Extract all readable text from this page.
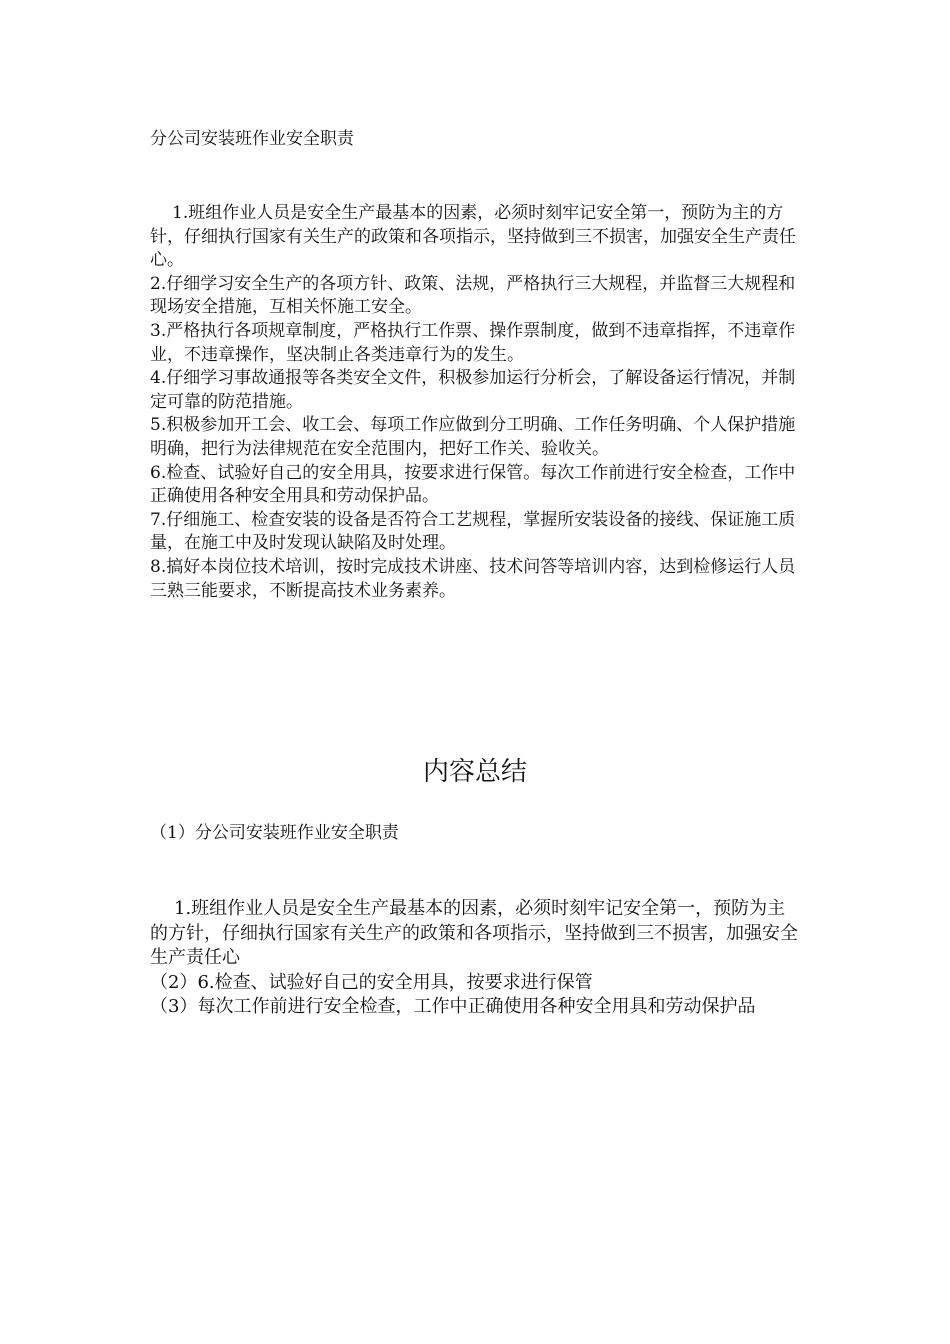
分公司安装班作业安全职责

1.班组作业人员是安全生产最基本的因素，必须时刻牢记安全第一，预防为主的方针，仔细执行国家有关生产的政策和各项指示，坚持做到三不损害，加强安全生产责任心。

2.仔细学习安全生产的各项方针、政策、法规，严格执行三大规程，并监督三大规程和现场安全措施，互相关怀施工安全。

3.严格执行各项规章制度，严格执行工作票、操作票制度，做到不违章指挥，不违章作业，不违章操作，坚决制止各类违章行为的发生。

4.仔细学习事故通报等各类安全文件，积极参加运行分析会，了解设备运行情况，并制定可靠的防范措施。

5.积极参加开工会、收工会、每项工作应做到分工明确、工作任务明确、个人保护措施明确，把行为法律规范在安全范围内，把好工作关、验收关。

6.检查、试验好自己的安全用具，按要求进行保管。每次工作前进行安全检查，工作中正确使用各种安全用具和劳动保护品。

7.仔细施工、检查安装的设备是否符合工艺规程，掌握所安装设备的接线、保证施工质量，在施工中及时发现认缺陷及时处理。

8.搞好本岗位技术培训，按时完成技术讲座、技术问答等培训内容，达到检修运行人员三熟三能要求，不断提高技术业务素养。

内容总结
（1）分公司安装班作业安全职责

1.班组作业人员是安全生产最基本的因素，必须时刻牢记安全第一，预防为主的方针，仔细执行国家有关生产的政策和各项指示，坚持做到三不损害，加强安全生产责任心

（2）6.检查、试验好自己的安全用具，按要求进行保管

（3）每次工作前进行安全检查，工作中正确使用各种安全用具和劳动保护品
